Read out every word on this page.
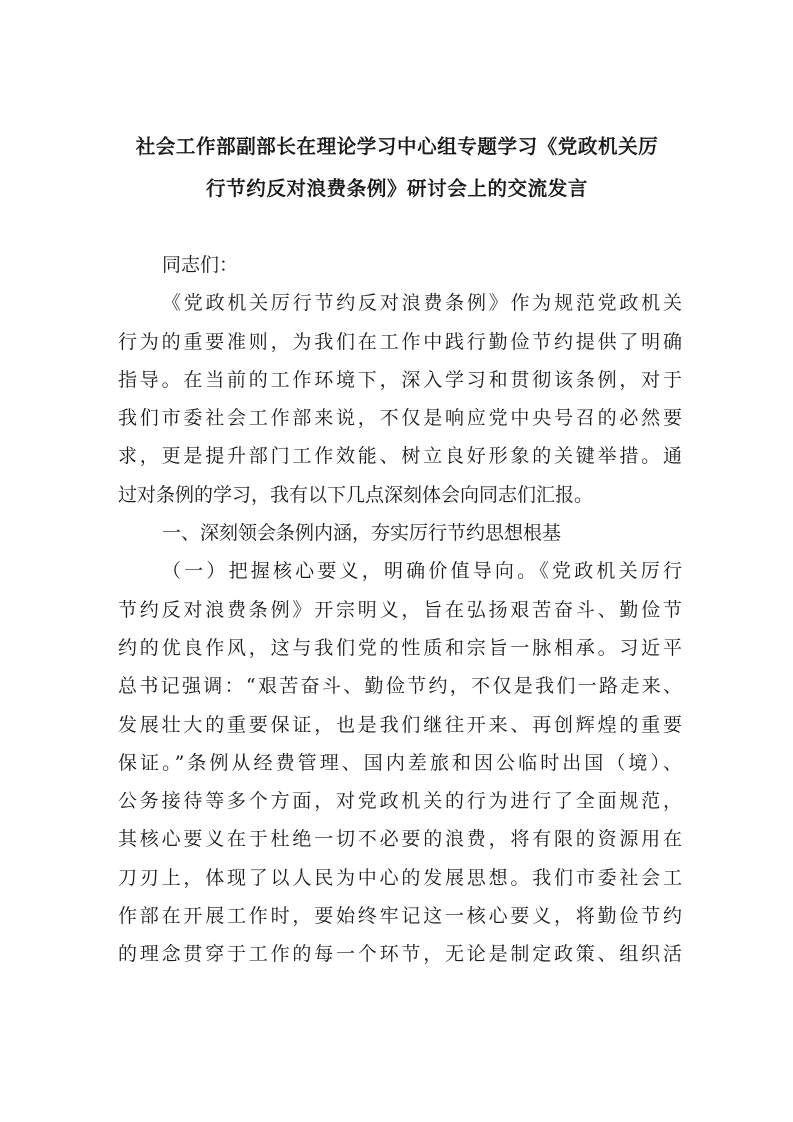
社会工作部副部长在理论学习中心组专题学习《党政机关厉
行节约反对浪费条例》研讨会上的交流发言
同志们：
《党政机关厉行节约反对浪费条例》作为规范党政机关
行为的重要准则，为我们在工作中践行勤俭节约提供了明确
指导。在当前的工作环境下，深入学习和贯彻该条例，对于
我们市委社会工作部来说，不仅是响应党中央号召的必然要
求，更是提升部门工作效能、树立良好形象的关键举措。通
过对条例的学习，我有以下几点深刻体会向同志们汇报。
一、深刻领会条例内涵，夯实厉行节约思想根基
（一）把握核心要义，明确价值导向。《党政机关厉行
节约反对浪费条例》开宗明义，旨在弘扬艰苦奋斗、勤俭节
约的优良作风，这与我们党的性质和宗旨一脉相承。习近平
总书记强调：“艰苦奋斗、勤俭节约，不仅是我们一路走来、
发展壮大的重要保证，也是我们继往开来、再创辉煌的重要
保证。”条例从经费管理、国内差旅和因公临时出国（境）、
公务接待等多个方面，对党政机关的行为进行了全面规范，
其核心要义在于杜绝一切不必要的浪费，将有限的资源用在
刀刃上，体现了以人民为中心的发展思想。我们市委社会工
作部在开展工作时，要始终牢记这一核心要义，将勤俭节约
的理念贯穿于工作的每一个环节，无论是制定政策、组织活
